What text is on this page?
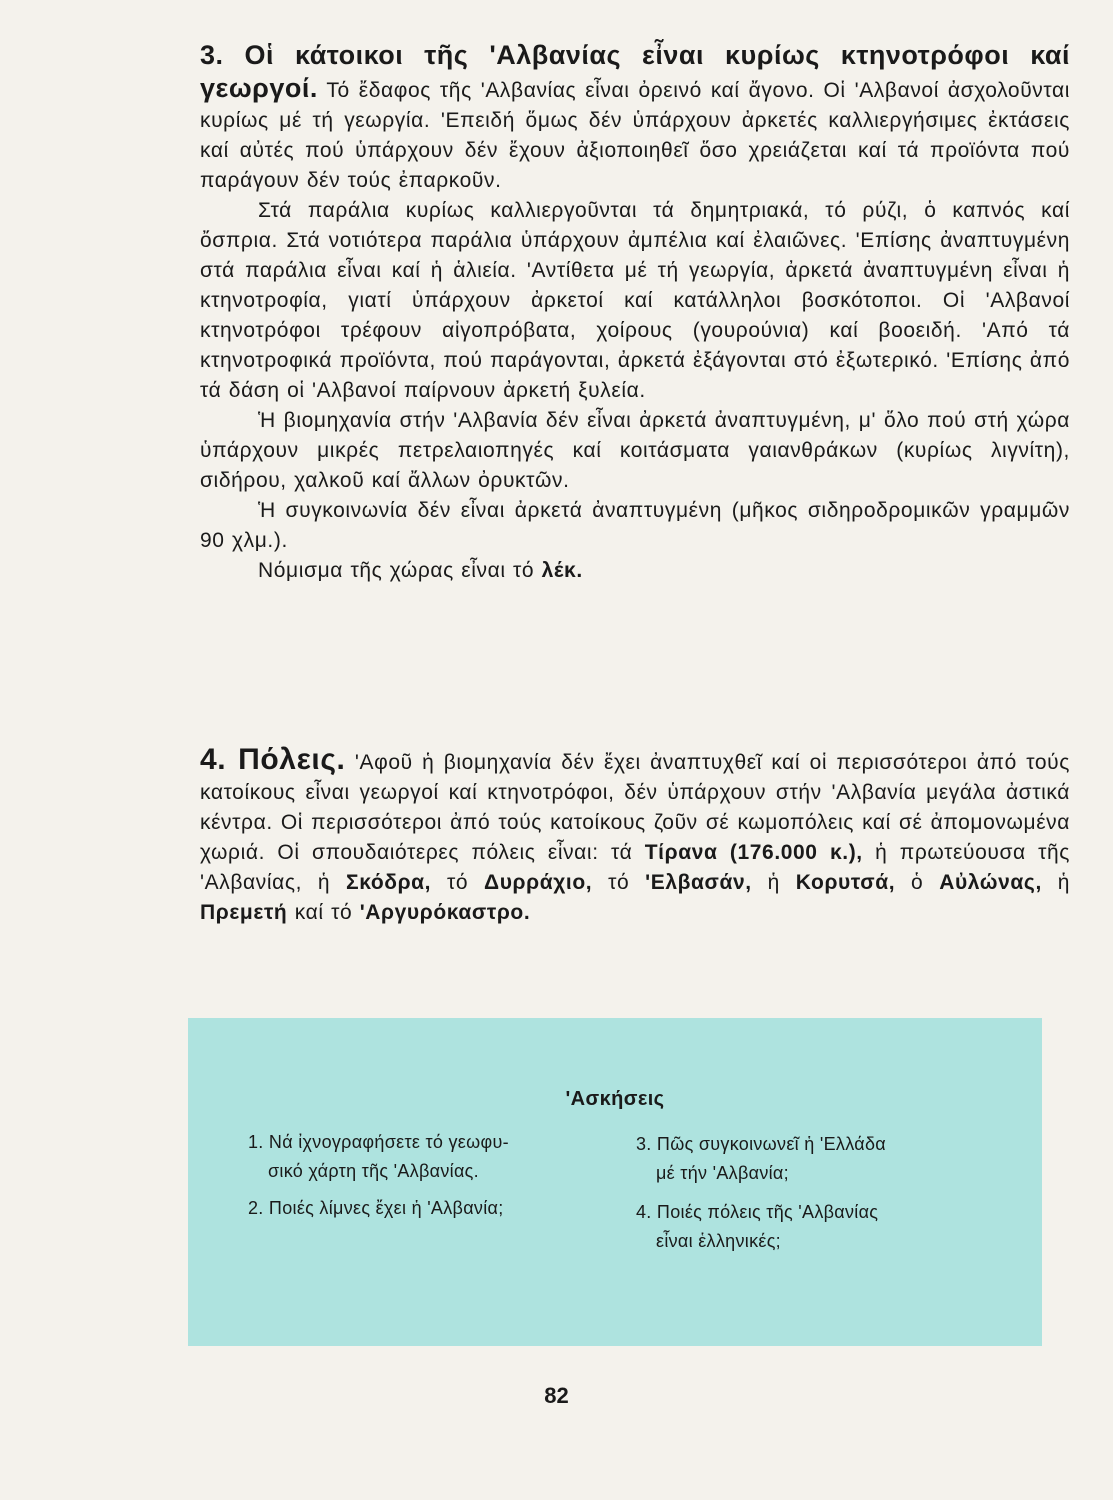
3. Οἱ κάτοικοι τῆς 'Αλβανίας εἶναι κυρίως κτηνοτρόφοι καί γεωργοί. Τό ἔδαφος τῆς 'Αλβανίας εἶναι ὀρεινό καί ἄγονο. Οἱ 'Αλβανοί ἀσχολοῦνται κυρίως μέ τή γεωργία. 'Επειδή ὅμως δέν ὑπάρχουν ἀρκετές καλλιεργήσιμες ἐκτάσεις καί αὐτές πού ὑπάρχουν δέν ἔχουν ἀξιοποιηθεῖ ὅσο χρειάζεται καί τά προϊόντα πού παράγουν δέν τούς ἐπαρκοῦν.

Στά παράλια κυρίως καλλιεργοῦνται τά δημητριακά, τό ρύζι, ὁ καπνός καί ὄσπρια. Στά νοτιότερα παράλια ὑπάρχουν ἀμπέλια καί ἐλαιῶνες. 'Επίσης ἀναπτυγμένη στά παράλια εἶναι καί ἡ ἁλιεία. 'Αντίθετα μέ τή γεωργία, ἀρκετά ἀναπτυγμένη εἶναι ἡ κτηνοτροφία, γιατί ὑπάρχουν ἀρκετοί καί κατάλληλοι βοσκότοποι. Οἱ 'Αλβανοί κτηνοτρόφοι τρέφουν αἰγοπρόβατα, χοίρους (γουρούνια) καί βοοειδή. 'Από τά κτηνοτροφικά προϊόντα, πού παράγονται, ἀρκετά ἐξάγονται στό ἐξωτερικό. 'Επίσης ἀπό τά δάση οἱ 'Αλβανοί παίρνουν ἀρκετή ξυλεία.

Ἡ βιομηχανία στήν 'Αλβανία δέν εἶναι ἀρκετά ἀναπτυγμένη, μ' ὅλο πού στή χώρα ὑπάρχουν μικρές πετρελαιοπηγές καί κοιτάσματα γαιανθράκων (κυρίως λιγνίτη), σιδήρου, χαλκοῦ καί ἄλλων ὀρυκτῶν.

Ἡ συγκοινωνία δέν εἶναι ἀρκετά ἀναπτυγμένη (μῆκος σιδηροδρομικῶν γραμμῶν 90 χλμ.).

Νόμισμα τῆς χώρας εἶναι τό λέκ.

4. Πόλεις. 'Αφοῦ ἡ βιομηχανία δέν ἔχει ἀναπτυχθεῖ καί οἱ περισσότεροι ἀπό τούς κατοίκους εἶναι γεωργοί καί κτηνοτρόφοι, δέν ὑπάρχουν στήν 'Αλβανία μεγάλα ἀστικά κέντρα. Οἱ περισσότεροι ἀπό τούς κατοίκους ζοῦν σέ κωμοπόλεις καί σέ ἀπομονωμένα χωριά. Οἱ σπουδαιότερες πόλεις εἶναι: τά Τίρανα (176.000 κ.), ἡ πρωτεύουσα τῆς 'Αλβανίας, ἡ Σκόδρα, τό Δυρράχιο, τό 'Ελβασάν, ἡ Κορυτσά, ὁ Αὐλώνας, ἡ Πρεμετή καί τό 'Αργυρόκαστρο.

'Ασκήσεις
1. Νά ἰχνογραφήσετε τό γεωφυ-
σικό χάρτη τῆς 'Αλβανίας.
2. Ποιές λίμνες ἔχει ἡ 'Αλβανία;
3. Πῶς συγκοινωνεῖ ἡ 'Ελλάδα
μέ τήν 'Αλβανία;
4. Ποιές πόλεις τῆς 'Αλβανίας
εἶναι ἑλληνικές;
82
